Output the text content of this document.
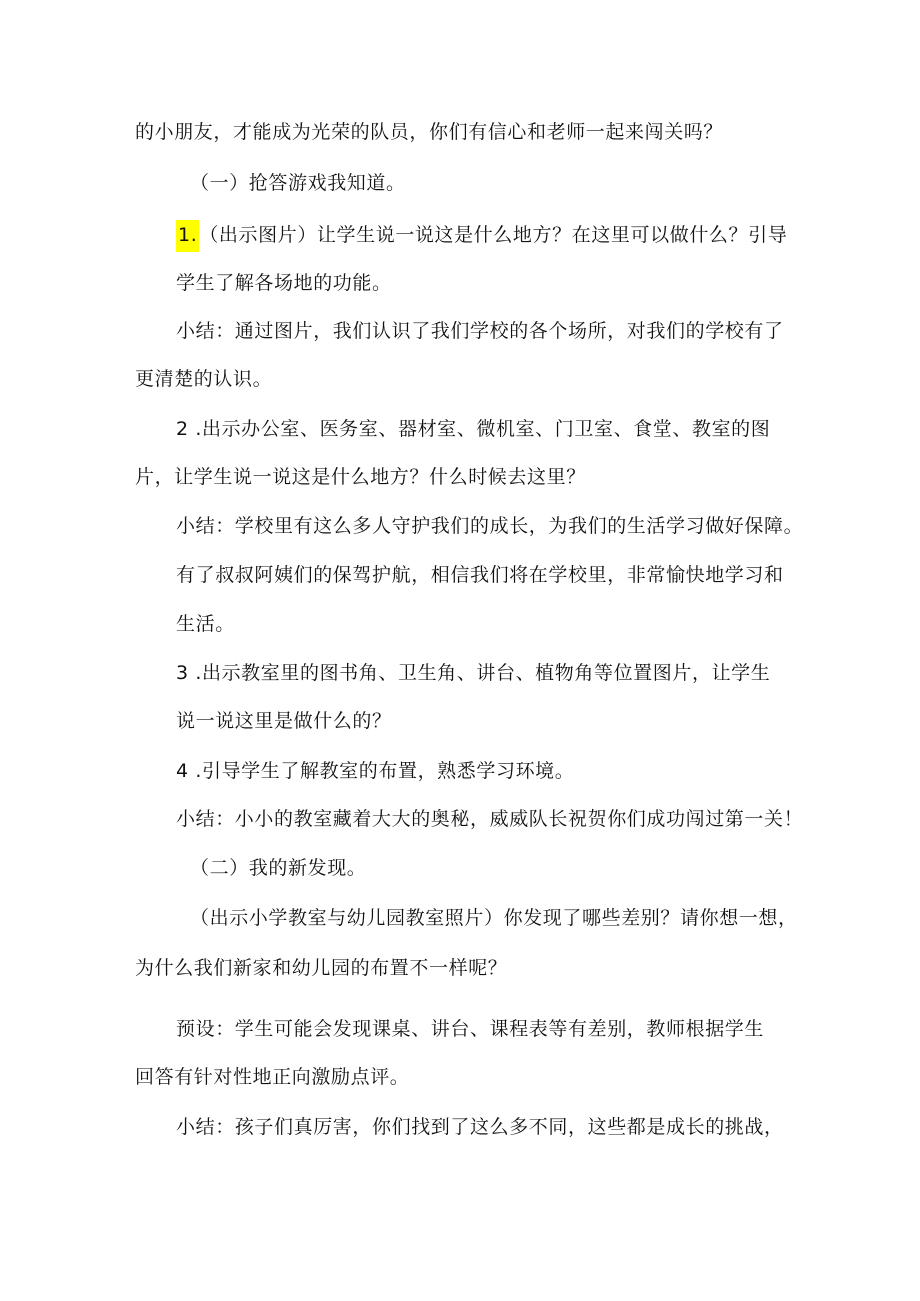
的小朋友，才能成为光荣的队员，你们有信心和老师一起来闯关吗？
（一）抢答游戏我知道。
1. （出示图片）让学生说一说这是什么地方？在这里可以做什么？引导
学生了解各场地的功能。
小结：通过图片，我们认识了我们学校的各个场所，对我们的学校有了
更清楚的认识。
2 .出示办公室、医务室、器材室、微机室、门卫室、食堂、教室的图
片，让学生说一说这是什么地方？什么时候去这里？
小结：学校里有这么多人守护我们的成长，为我们的生活学习做好保障。
有了叔叔阿姨们的保驾护航，相信我们将在学校里，非常愉快地学习和
生活。
3 .出示教室里的图书角、卫生角、讲台、植物角等位置图片，让学生
说一说这里是做什么的？
4 .引导学生了解教室的布置，熟悉学习环境。
小结：小小的教室藏着大大的奥秘，威威队长祝贺你们成功闯过第一关！
（二）我的新发现。
（出示小学教室与幼儿园教室照片）你发现了哪些差别？请你想一想，
为什么我们新家和幼儿园的布置不一样呢？
预设：学生可能会发现课桌、讲台、课程表等有差别，教师根据学生
回答有针对性地正向激励点评。
小结：孩子们真厉害，你们找到了这么多不同，这些都是成长的挑战，
